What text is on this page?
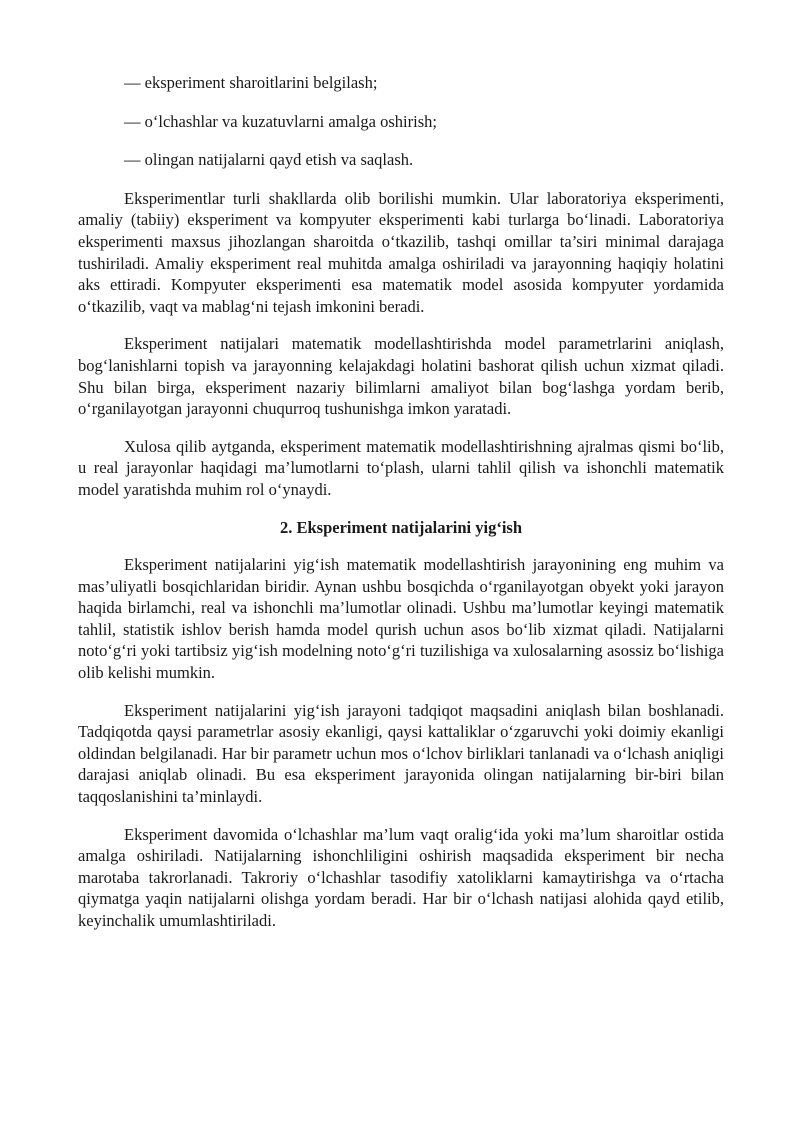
— eksperiment sharoitlarini belgilash;

— o‘lchashlar va kuzatuvlarni amalga oshirish;

— olingan natijalarni qayd etish va saqlash.

Eksperimentlar turli shakllarda olib borilishi mumkin. Ular laboratoriya eksperimenti, amaliy (tabiiy) eksperiment va kompyuter eksperimenti kabi turlarga bo‘linadi. Laboratoriya eksperimenti maxsus jihozlangan sharoitda o‘tkazilib, tashqi omillar ta’siri minimal darajaga tushiriladi. Amaliy eksperiment real muhitda amalga oshiriladi va jarayonning haqiqiy holatini aks ettiradi. Kompyuter eksperimenti esa matematik model asosida kompyuter yordamida o‘tkazilib, vaqt va mablag‘ni tejash imkonini beradi.

Eksperiment natijalari matematik modellashtirishda model parametrlarini aniqlash, bog‘lanishlarni topish va jarayonning kelajakdagi holatini bashorat qilish uchun xizmat qiladi. Shu bilan birga, eksperiment nazariy bilimlarni amaliyot bilan bog‘lashga yordam berib, o‘rganilayotgan jarayonni chuqurroq tushunishga imkon yaratadi.

Xulosa qilib aytganda, eksperiment matematik modellashtirishning ajralmas qismi bo‘lib, u real jarayonlar haqidagi ma’lumotlarni to‘plash, ularni tahlil qilish va ishonchli matematik model yaratishda muhim rol o‘ynaydi.

2. Eksperiment natijalarini yig‘ish

Eksperiment natijalarini yig‘ish matematik modellashtirish jarayonining eng muhim va mas’uliyatli bosqichlaridan biridir. Aynan ushbu bosqichda o‘rganilayotgan obyekt yoki jarayon haqida birlamchi, real va ishonchli ma’lumotlar olinadi. Ushbu ma’lumotlar keyingi matematik tahlil, statistik ishlov berish hamda model qurish uchun asos bo‘lib xizmat qiladi. Natijalarni noto‘g‘ri yoki tartibsiz yig‘ish modelning noto‘g‘ri tuzilishiga va xulosalarning asossiz bo‘lishiga olib kelishi mumkin.

Eksperiment natijalarini yig‘ish jarayoni tadqiqot maqsadini aniqlash bilan boshlanadi. Tadqiqotda qaysi parametrlar asosiy ekanligi, qaysi kattaliklar o‘zgaruvchi yoki doimiy ekanligi oldindan belgilanadi. Har bir parametr uchun mos o‘lchov birliklari tanlanadi va o‘lchash aniqligi darajasi aniqlab olinadi. Bu esa eksperiment jarayonida olingan natijalarning bir-biri bilan taqqoslanishini ta’minlaydi.

Eksperiment davomida o‘lchashlar ma’lum vaqt oralig‘ida yoki ma’lum sharoitlar ostida amalga oshiriladi. Natijalarning ishonchliligini oshirish maqsadida eksperiment bir necha marotaba takrorlanadi. Takroriy o‘lchashlar tasodifiy xatoliklarni kamaytirishga va o‘rtacha qiymatga yaqin natijalarni olishga yordam beradi. Har bir o‘lchash natijasi alohida qayd etilib, keyinchalik umumlashtiriladi.
